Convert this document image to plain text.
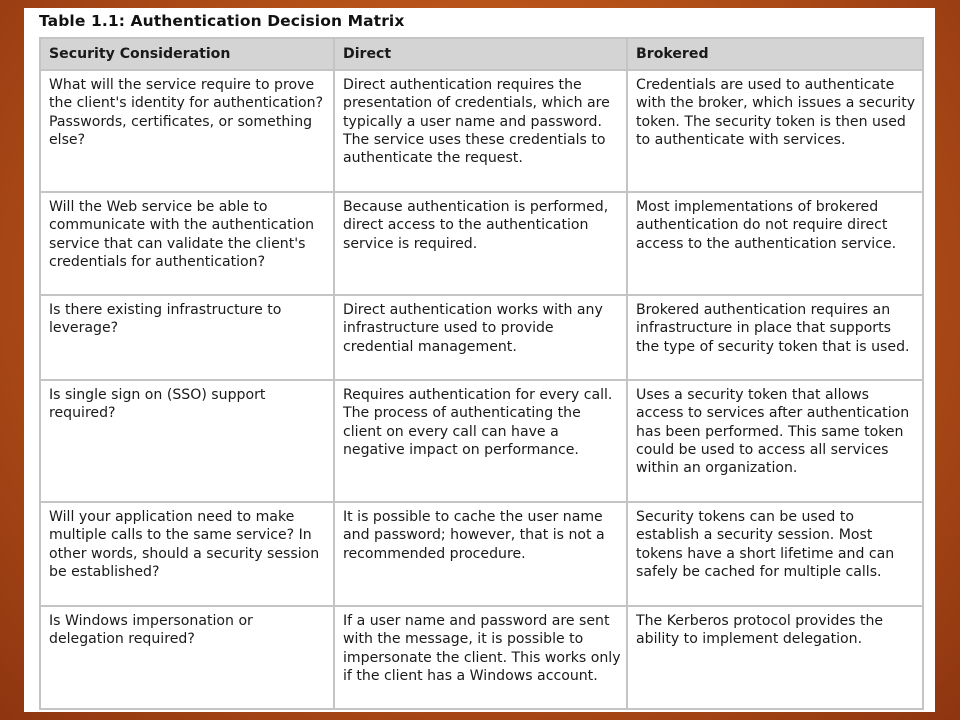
Table 1.1: Authentication Decision Matrix
Security Consideration	Direct	Brokered
What will the service require to prove the client's identity for authentication? Passwords, certificates, or something else?	Direct authentication requires the presentation of credentials, which are typically a user name and password. The service uses these credentials to authenticate the request.	Credentials are used to authenticate with the broker, which issues a security token. The security token is then used to authenticate with services.
Will the Web service be able to communicate with the authentication service that can validate the client's credentials for authentication?	Because authentication is performed, direct access to the authentication service is required.	Most implementations of brokered authentication do not require direct access to the authentication service.
Is there existing infrastructure to leverage?	Direct authentication works with any infrastructure used to provide credential management.	Brokered authentication requires an infrastructure in place that supports the type of security token that is used.
Is single sign on (SSO) support required?	Requires authentication for every call. The process of authenticating the client on every call can have a negative impact on performance.	Uses a security token that allows access to services after authentication has been performed. This same token could be used to access all services within an organization.
Will your application need to make multiple calls to the same service? In other words, should a security session be established?	It is possible to cache the user name and password; however, that is not a recommended procedure.	Security tokens can be used to establish a security session. Most tokens have a short lifetime and can safely be cached for multiple calls.
Is Windows impersonation or delegation required?	If a user name and password are sent with the message, it is possible to impersonate the client. This works only if the client has a Windows account.	The Kerberos protocol provides the ability to implement delegation.
